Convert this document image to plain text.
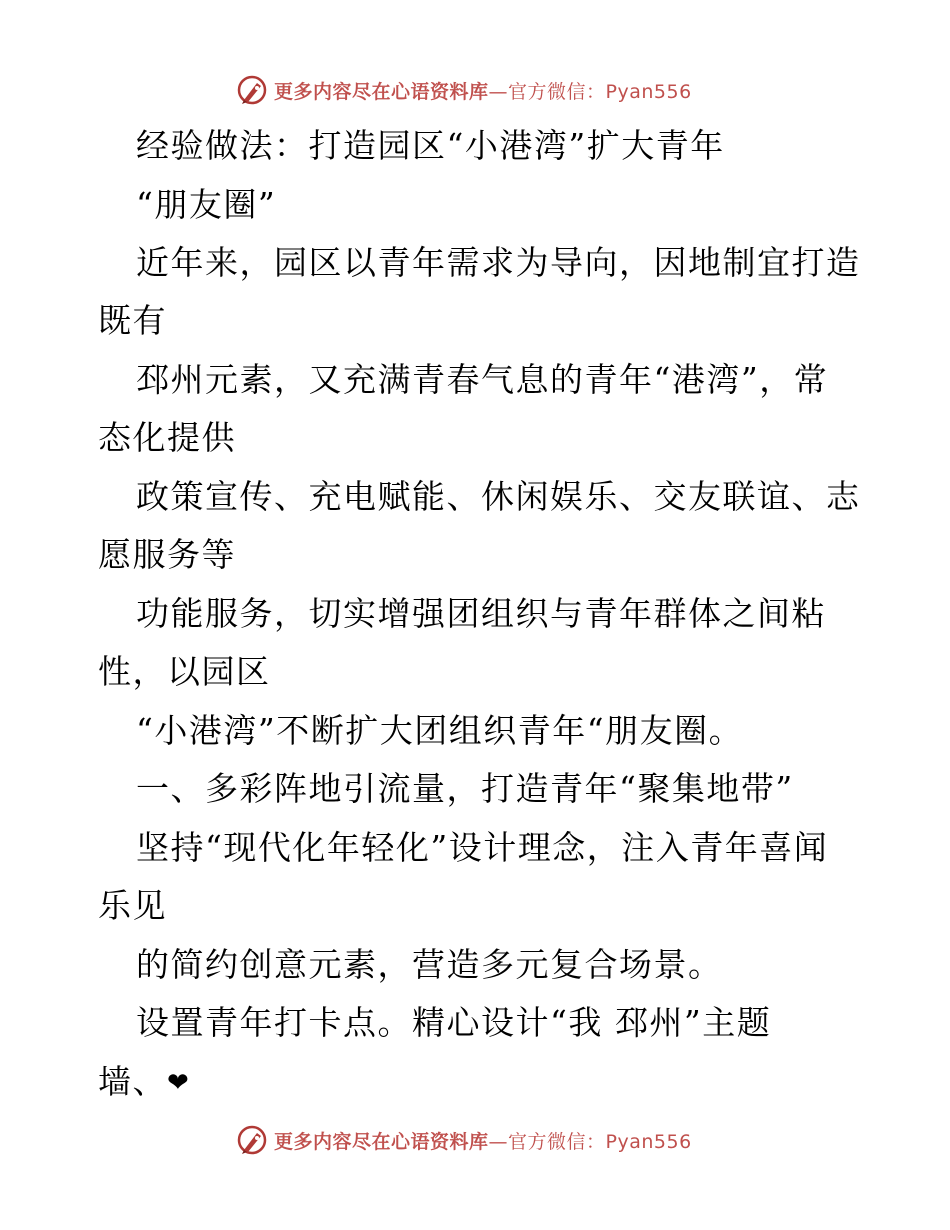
更多内容尽在心语资料库—官方微信：Pyan556
经验做法：打造园区“小港湾”扩大青年
“朋友圈”
近年来，园区以青年需求为导向，因地制宜打造
既有
邳州元素，又充满青春气息的青年“港湾”，常
态化提供
政策宣传、充电赋能、休闲娱乐、交友联谊、志
愿服务等
功能服务，切实增强团组织与青年群体之间粘
性，以园区
“小港湾”不断扩大团组织青年“朋友圈。
一、多彩阵地引流量，打造青年“聚集地带”
坚持“现代化年轻化”设计理念，注入青年喜闻
乐见
的简约创意元素，营造多元复合场景。
设置青年打卡点。精心设计“我 邳州”主题
墙、❤
更多内容尽在心语资料库—官方微信：Pyan556
